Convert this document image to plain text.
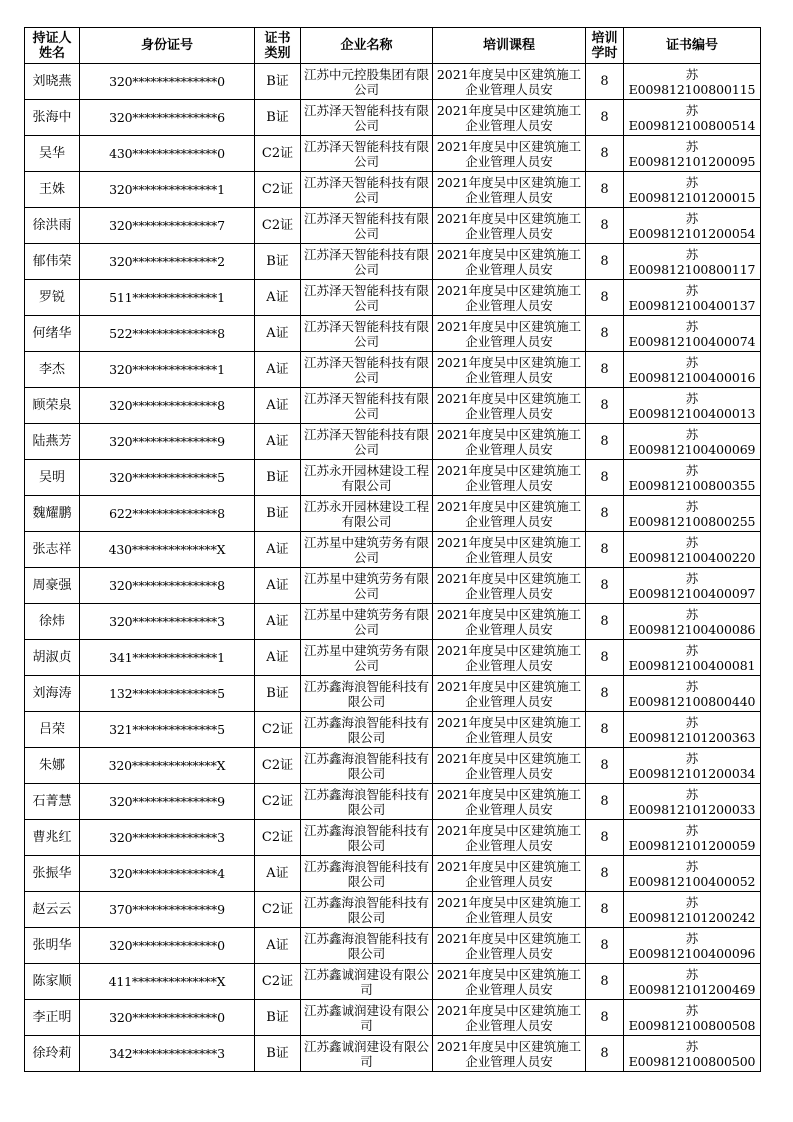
持证人姓名	身份证号	证书类别	企业名称	培训课程	培训学时	证书编号
刘晓燕	320**************0	B证	江苏中元控股集团有限公司	2021年度吴中区建筑施工企业管理人员安	8	苏E009812100800115
张海中	320**************6	B证	江苏泽天智能科技有限公司	2021年度吴中区建筑施工企业管理人员安	8	苏E009812100800514
吴华	430**************0	C2证	江苏泽天智能科技有限公司	2021年度吴中区建筑施工企业管理人员安	8	苏E009812101200095
王姝	320**************1	C2证	江苏泽天智能科技有限公司	2021年度吴中区建筑施工企业管理人员安	8	苏E009812101200015
徐洪雨	320**************7	C2证	江苏泽天智能科技有限公司	2021年度吴中区建筑施工企业管理人员安	8	苏E009812101200054
郁伟荣	320**************2	B证	江苏泽天智能科技有限公司	2021年度吴中区建筑施工企业管理人员安	8	苏E009812100800117
罗锐	511**************1	A证	江苏泽天智能科技有限公司	2021年度吴中区建筑施工企业管理人员安	8	苏E009812100400137
何绪华	522**************8	A证	江苏泽天智能科技有限公司	2021年度吴中区建筑施工企业管理人员安	8	苏E009812100400074
李杰	320**************1	A证	江苏泽天智能科技有限公司	2021年度吴中区建筑施工企业管理人员安	8	苏E009812100400016
顾荣泉	320**************8	A证	江苏泽天智能科技有限公司	2021年度吴中区建筑施工企业管理人员安	8	苏E009812100400013
陆燕芳	320**************9	A证	江苏泽天智能科技有限公司	2021年度吴中区建筑施工企业管理人员安	8	苏E009812100400069
吴明	320**************5	B证	江苏永开园林建设工程有限公司	2021年度吴中区建筑施工企业管理人员安	8	苏E009812100800355
魏耀鹏	622**************8	B证	江苏永开园林建设工程有限公司	2021年度吴中区建筑施工企业管理人员安	8	苏E009812100800255
张志祥	430**************X	A证	江苏星中建筑劳务有限公司	2021年度吴中区建筑施工企业管理人员安	8	苏E009812100400220
周豪强	320**************8	A证	江苏星中建筑劳务有限公司	2021年度吴中区建筑施工企业管理人员安	8	苏E009812100400097
徐炜	320**************3	A证	江苏星中建筑劳务有限公司	2021年度吴中区建筑施工企业管理人员安	8	苏E009812100400086
胡淑贞	341**************1	A证	江苏星中建筑劳务有限公司	2021年度吴中区建筑施工企业管理人员安	8	苏E009812100400081
刘海涛	132**************5	B证	江苏鑫海浪智能科技有限公司	2021年度吴中区建筑施工企业管理人员安	8	苏E009812100800440
吕荣	321**************5	C2证	江苏鑫海浪智能科技有限公司	2021年度吴中区建筑施工企业管理人员安	8	苏E009812101200363
朱娜	320**************X	C2证	江苏鑫海浪智能科技有限公司	2021年度吴中区建筑施工企业管理人员安	8	苏E009812101200034
石菁慧	320**************9	C2证	江苏鑫海浪智能科技有限公司	2021年度吴中区建筑施工企业管理人员安	8	苏E009812101200033
曹兆红	320**************3	C2证	江苏鑫海浪智能科技有限公司	2021年度吴中区建筑施工企业管理人员安	8	苏E009812101200059
张振华	320**************4	A证	江苏鑫海浪智能科技有限公司	2021年度吴中区建筑施工企业管理人员安	8	苏E009812100400052
赵云云	370**************9	C2证	江苏鑫海浪智能科技有限公司	2021年度吴中区建筑施工企业管理人员安	8	苏E009812101200242
张明华	320**************0	A证	江苏鑫海浪智能科技有限公司	2021年度吴中区建筑施工企业管理人员安	8	苏E009812100400096
陈家顺	411**************X	C2证	江苏鑫诚润建设有限公司	2021年度吴中区建筑施工企业管理人员安	8	苏E009812101200469
李正明	320**************0	B证	江苏鑫诚润建设有限公司	2021年度吴中区建筑施工企业管理人员安	8	苏E009812100800508
徐玲莉	342**************3	B证	江苏鑫诚润建设有限公司	2021年度吴中区建筑施工企业管理人员安	8	苏E009812100800500
